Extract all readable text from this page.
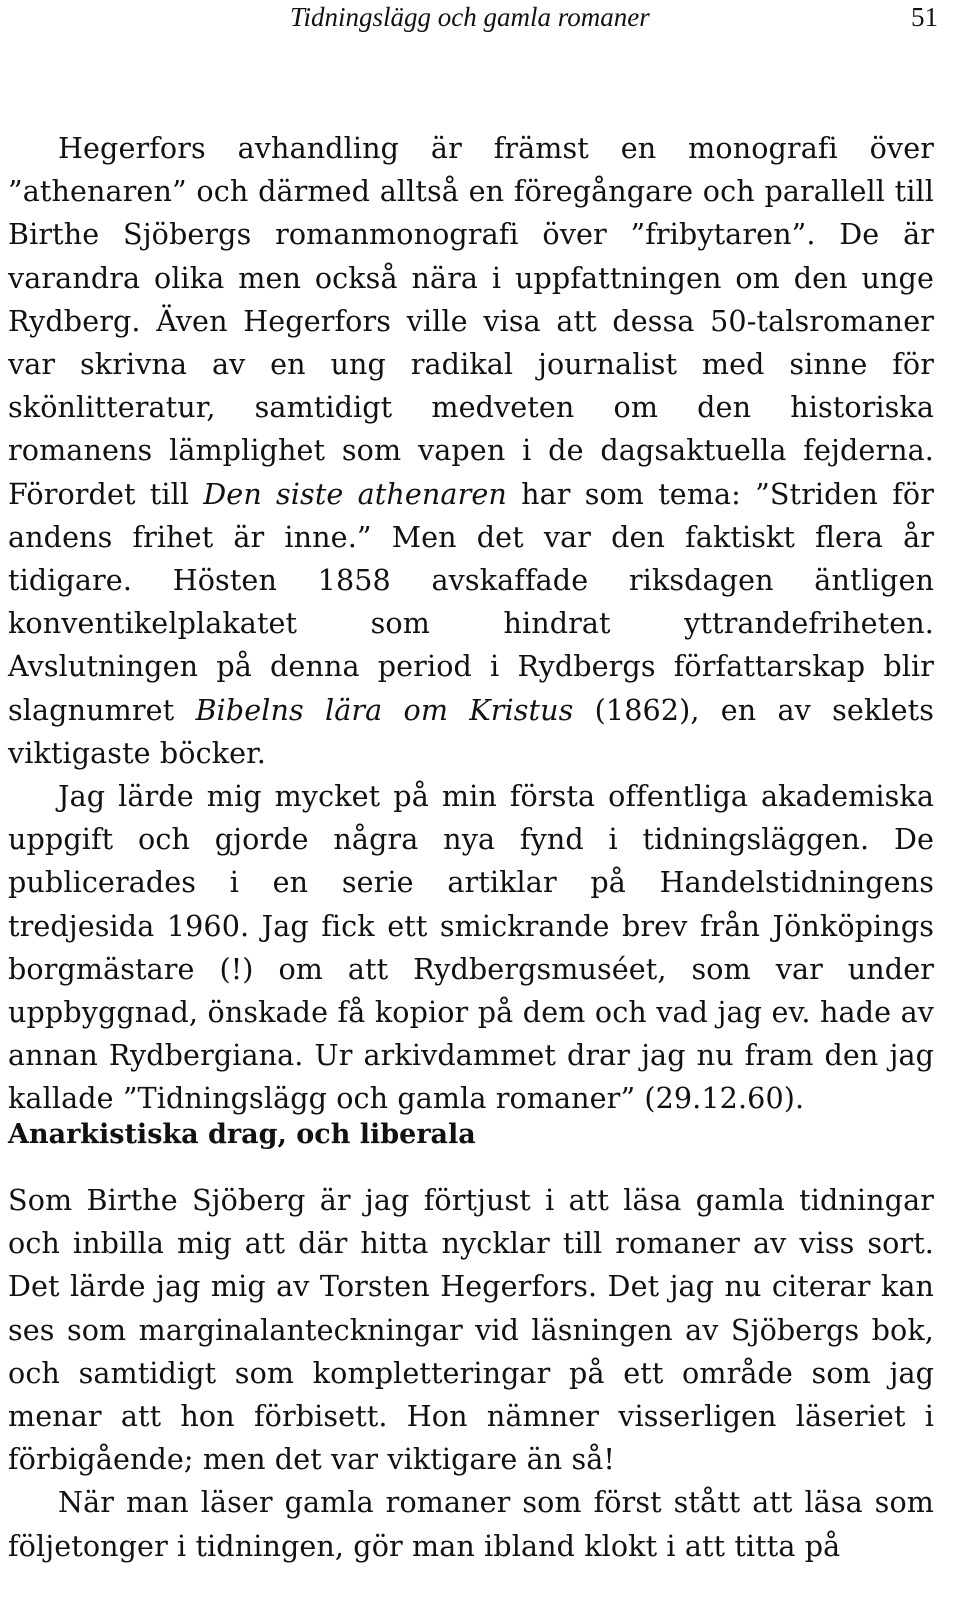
Tidningslägg och gamla romaner	51

Hegerfors avhandling är främst en monografi över ”athenaren” och därmed alltså en föregångare och parallell till Birthe Sjöbergs romanmonografi över ”fribytaren”. De är varandra olika men också nära i uppfattningen om den unge Rydberg. Även Hegerfors ville visa att dessa 50-talsromaner var skrivna av en ung radikal journalist med sinne för skönlitteratur, samtidigt medveten om den historiska romanens lämplighet som vapen i de dagsaktuella fejderna. Förordet till Den siste athenaren har som tema: ”Striden för andens frihet är inne.” Men det var den faktiskt flera år tidigare. Hösten 1858 avskaffade riksdagen äntligen konventikelplakatet som hindrat yttrandefriheten. Avslutningen på denna period i Rydbergs författarskap blir slagnumret Bibelns lära om Kristus (1862), en av seklets viktigaste böcker.

Jag lärde mig mycket på min första offentliga akademiska uppgift och gjorde några nya fynd i tidningsläggen. De publicerades i en serie artiklar på Handelstidningens tredjesida 1960. Jag fick ett smickrande brev från Jönköpings borgmästare (!) om att Rydbergsmuséet, som var under uppbyggnad, önskade få kopior på dem och vad jag ev. hade av annan Rydbergiana. Ur arkivdammet drar jag nu fram den jag kallade ”Tidningslägg och gamla romaner” (29.12.60).

Anarkistiska drag, och liberala

Som Birthe Sjöberg är jag förtjust i att läsa gamla tidningar och inbilla mig att där hitta nycklar till romaner av viss sort. Det lärde jag mig av Torsten Hegerfors. Det jag nu citerar kan ses som marginalanteckningar vid läsningen av Sjöbergs bok, och samtidigt som kompletteringar på ett område som jag menar att hon förbisett. Hon nämner visserligen läseriet i förbigående; men det var viktigare än så!

När man läser gamla romaner som först stått att läsa som följetonger i tidningen, gör man ibland klokt i att titta på
